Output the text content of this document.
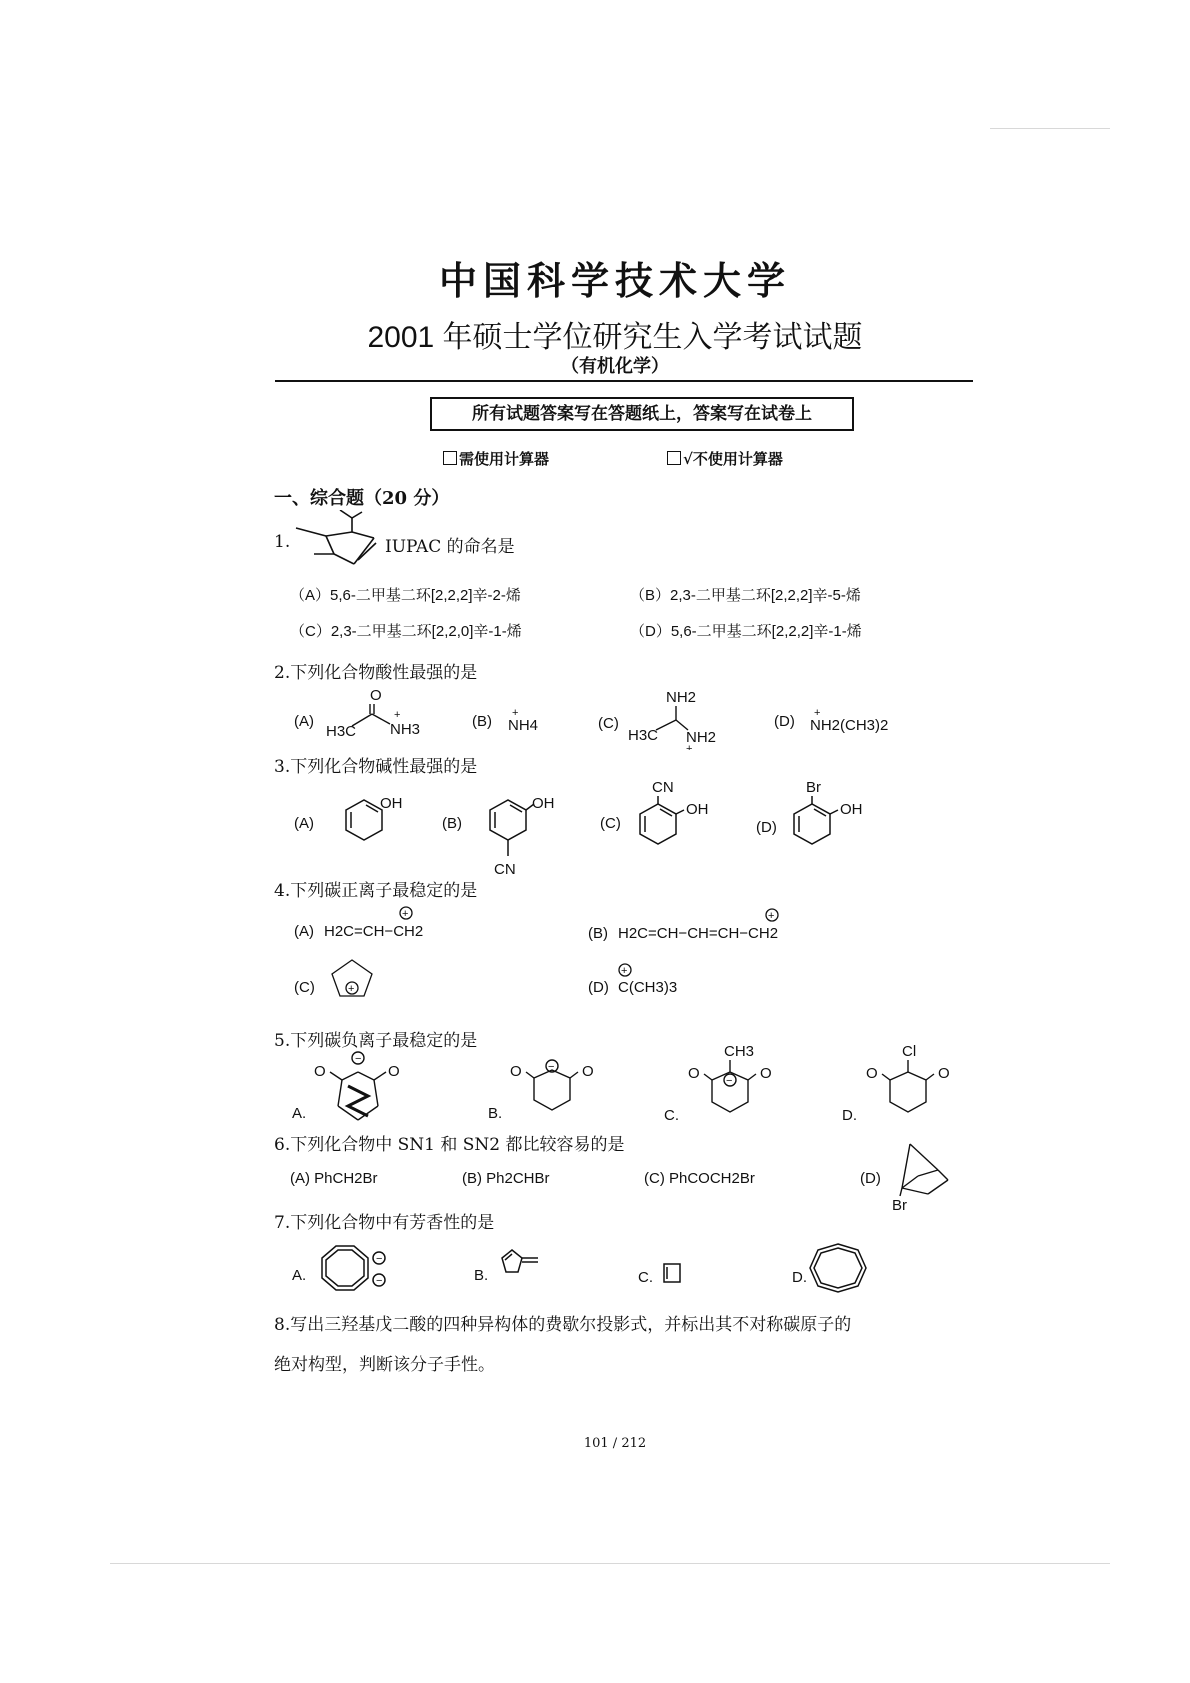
中国科学技术大学
2001 年硕士学位研究生入学考试试题
（有机化学）
所有试题答案写在答题纸上，答案写在试卷上
需使用计算器	√不使用计算器
一、综合题（20 分）
1.	IUPAC 的命名是
（A）5,6-二甲基二环[2,2,2]辛-2-烯	（B）2,3-二甲基二环[2,2,2]辛-5-烯
（C）2,3-二甲基二环[2,2,0]辛-1-烯	（D）5,6-二甲基二环[2,2,2]辛-1-烯
2.下列化合物酸性最强的是
(A)
H3C
O
+
NH3	(B) +
NH4	(C)
NH2
H3C NH2
+
(D) +
NH2(CH3)2
3.下列化合物碱性最强的是
(A)
OH
(B)
OH
CN
(C)
CN
OH
(D)
Br
OH
4.下列碳正离子最稳定的是
(A) H2C=CH−CH2
(C)
(B) H2C=CH−CH=CH−CH2
(D) C(CH3)3
+	+
+
+
5.下列碳负离子最稳定的是
A.
O	O
B.
O	O
C.
O	O
CH3
D.
O	O
Cl
−
−
−
6.下列化合物中 SN1 和 SN2 都比较容易的是
(A) PhCH2Br	(B) Ph2CHBr	(C) PhCOCH2Br	(D)
Br
7.下列化合物中有芳香性的是
A.	B.	C.	D.
−
−
8.写出三羟基戊二酸的四种异构体的费歇尔投影式，并标出其不对称碳原子的
绝对构型，判断该分子手性。
101 / 212
